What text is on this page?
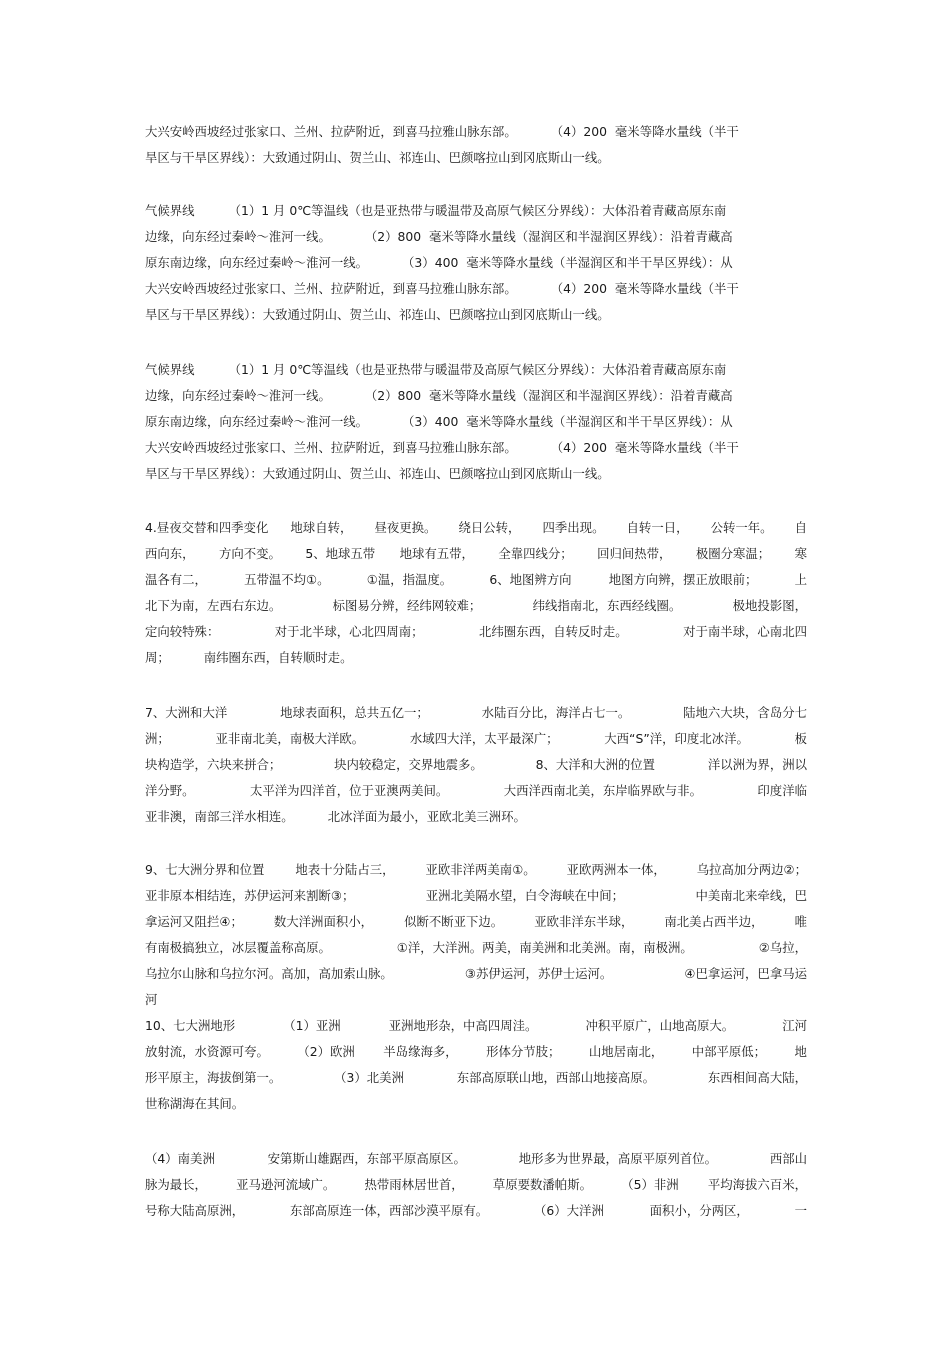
大兴安岭西坡经过张家口、兰州、拉萨附近，到喜马拉雅山脉东部。	（4）200  毫米等降水量线（半干
旱区与干旱区界线）：大致通过阴山、贺兰山、祁连山、巴颜喀拉山到冈底斯山一线。
气候界线	（1）1 月 0℃等温线（也是亚热带与暖温带及高原气候区分界线）：大体沿着青藏高原东南
边缘，向东经过秦岭～淮河一线。	（2）800  毫米等降水量线（湿润区和半湿润区界线）：沿着青藏高
原东南边缘，向东经过秦岭～淮河一线。	（3）400  毫米等降水量线（半湿润区和半干旱区界线）：从
大兴安岭西坡经过张家口、兰州、拉萨附近，到喜马拉雅山脉东部。	（4）200  毫米等降水量线（半干
旱区与干旱区界线）：大致通过阴山、贺兰山、祁连山、巴颜喀拉山到冈底斯山一线。
气候界线	（1）1 月 0℃等温线（也是亚热带与暖温带及高原气候区分界线）：大体沿着青藏高原东南
边缘，向东经过秦岭～淮河一线。	（2）800  毫米等降水量线（湿润区和半湿润区界线）：沿着青藏高
原东南边缘，向东经过秦岭～淮河一线。	（3）400  毫米等降水量线（半湿润区和半干旱区界线）：从
大兴安岭西坡经过张家口、兰州、拉萨附近，到喜马拉雅山脉东部。	（4）200  毫米等降水量线（半干
旱区与干旱区界线）：大致通过阴山、贺兰山、祁连山、巴颜喀拉山到冈底斯山一线。
4.昼夜交替和四季变化 地球自转， 昼夜更换。 绕日公转， 四季出现。 自转一日， 公转一年。 自
西向东， 方向不变。 5、地球五带 地球有五带， 全靠四线分； 回归间热带， 极圈分寒温； 寒
温各有二，	五带温不均①。	①温，指温度。	6、地图辨方向	地图方向辨，摆正放眼前；	上
北下为南，左西右东边。	标图易分辨，经纬网较难；	纬线指南北，东西经线圈。	极地投影图，
定向较特殊：	对于北半球，心北四周南；	北纬圈东西，自转反时走。	对于南半球，心南北四
周；	南纬圈东西，自转顺时走。
7、大洲和大洋	地球表面积，总共五亿一；	水陆百分比，海洋占七一。	陆地六大块，含岛分七
洲；	亚非南北美，南极大洋欧。	水域四大洋，太平最深广；	大西“S”洋，印度北冰洋。	板
块构造学，六块来拼合；	块内较稳定，交界地震多。	8、大洋和大洲的位置	洋以洲为界，洲以
洋分野。	太平洋为四洋首，位于亚澳两美间。	大西洋西南北美，东岸临界欧与非。	印度洋临
亚非澳，南部三洋水相连。	北冰洋面为最小，亚欧北美三洲环。
9、七大洲分界和位置 地表十分陆占三， 亚欧非洋两美南①。 亚欧两洲本一体， 乌拉高加分两边②；
亚非原本相结连，苏伊运河来割断③；	亚洲北美隔水望，白令海峡在中间；	中美南北来牵线，巴
拿运河又阻拦④；	数大洋洲面积小，	似断不断亚下边。	亚欧非洋东半球，	南北美占西半边，	唯
有南极搞独立，冰层覆盖称高原。	①洋，大洋洲。两美，南美洲和北美洲。南，南极洲。	②乌拉，
乌拉尔山脉和乌拉尔河。高加，高加索山脉。	③苏伊运河，苏伊士运河。	④巴拿运河，巴拿马运
河
10、七大洲地形	（1）亚洲	亚洲地形杂，中高四周洼。	冲积平原广，山地高原大。	江河
放射流，水资源可夸。 （2）欧洲 半岛缘海多， 形体分节肢； 山地居南北， 中部平原低； 地
形平原主，海拔倒第一。	（3）北美洲	东部高原联山地，西部山地接高原。	东西相间高大陆，
世称湖海在其间。
（4）南美洲	安第斯山雄踞西，东部平原高原区。	地形多为世界最，高原平原列首位。	西部山
脉为最长， 亚马逊河流域广。 热带雨林居世首， 草原要数潘帕斯。 （5）非洲 平均海拔六百米，
号称大陆高原洲，	东部高原连一体，西部沙漠平原有。	（6）大洋洲	面积小，分两区，	一
